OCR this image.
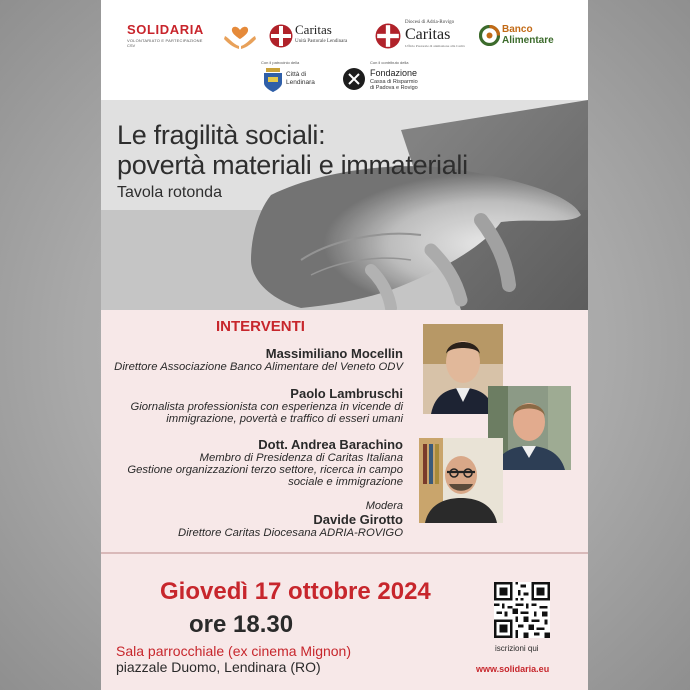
SOLIDARIA
VOLONTARIATO E PARTECIPAZIONE
CSV
Caritas
Unità Pastorale Lendinara
Diocesi di Adria-Rovigo
Caritas
Ufficio Pastorale di animazione alla Carità
Banco
Alimentare
Con il patrocinio della
Città di
Lendinara
Con il contributo della
Fondazione
Cassa di Risparmio
di Padova e Rovigo
Le fragilità sociali:
povertà materiali e immateriali
Tavola rotonda
INTERVENTI
Massimiliano Mocellin
Direttore Associazione Banco Alimentare del Veneto ODV
Paolo Lambruschi
Giornalista professionista con esperienza in vicende di
immigrazione, povertà e traffico di esseri umani
Dott. Andrea Barachino
Membro di Presidenza di Caritas Italiana
Gestione organizzazioni terzo settore, ricerca in campo
sociale e immigrazione
Modera
Davide Girotto
Direttore Caritas Diocesana ADRIA-ROVIGO
Giovedì 17 ottobre 2024
ore 18.30
Sala parrocchiale (ex cinema Mignon)
piazzale Duomo, Lendinara (RO)
iscrizioni qui
www.solidaria.eu
